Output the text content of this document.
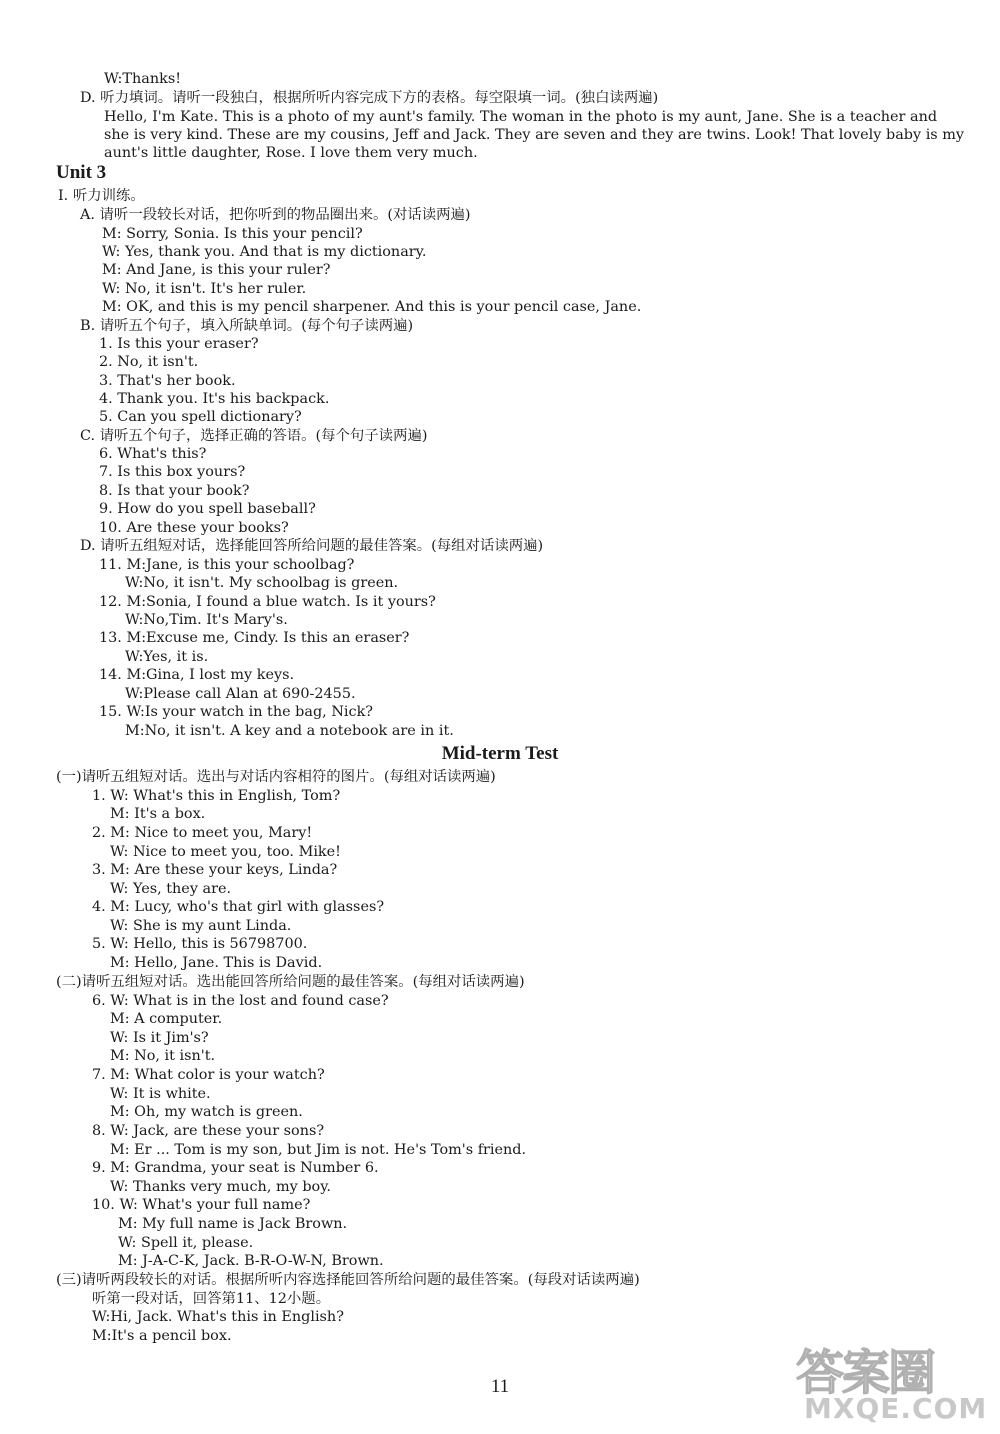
W:Thanks!
D. 听力填词。请听一段独白，根据所听内容完成下方的表格。每空限填一词。(独白读两遍)
Hello, I'm Kate. This is a photo of my aunt's family. The woman in the photo is my aunt, Jane. She is a teacher and
she is very kind. These are my cousins, Jeff and Jack. They are seven and they are twins. Look! That lovely baby is my
aunt's little daughter, Rose. I love them very much.
Unit 3
Ⅰ. 听力训练。
A. 请听一段较长对话，把你听到的物品圈出来。(对话读两遍)
M: Sorry, Sonia. Is this your pencil?
W: Yes, thank you. And that is my dictionary.
M: And Jane, is this your ruler?
W: No, it isn't. It's her ruler.
M: OK, and this is my pencil sharpener. And this is your pencil case, Jane.
B. 请听五个句子，填入所缺单词。(每个句子读两遍)
1. Is this your eraser?
2. No, it isn't.
3. That's her book.
4. Thank you. It's his backpack.
5. Can you spell dictionary?
C. 请听五个句子，选择正确的答语。(每个句子读两遍)
6. What's this?
7. Is this box yours?
8. Is that your book?
9. How do you spell baseball?
10. Are these your books?
D. 请听五组短对话，选择能回答所给问题的最佳答案。(每组对话读两遍)
11. M:Jane, is this your schoolbag?
W:No, it isn't. My schoolbag is green.
12. M:Sonia, I found a blue watch. Is it yours?
W:No,Tim. It's Mary's.
13. M:Excuse me, Cindy. Is this an eraser?
W:Yes, it is.
14. M:Gina, I lost my keys.
W:Please call Alan at 690-2455.
15. W:Is your watch in the bag, Nick?
M:No, it isn't. A key and a notebook are in it.
Mid-term Test
(一)请听五组短对话。选出与对话内容相符的图片。(每组对话读两遍)
1. W: What's this in English, Tom?
M: It's a box.
2. M: Nice to meet you, Mary!
W: Nice to meet you, too. Mike!
3. M: Are these your keys, Linda?
W: Yes, they are.
4. M: Lucy, who's that girl with glasses?
W: She is my aunt Linda.
5. W: Hello, this is 56798700.
M: Hello, Jane. This is David.
(二)请听五组短对话。选出能回答所给问题的最佳答案。(每组对话读两遍)
6. W: What is in the lost and found case?
M: A computer.
W: Is it Jim's?
M: No, it isn't.
7. M: What color is your watch?
W: It is white.
M: Oh, my watch is green.
8. W: Jack, are these your sons?
M: Er ... Tom is my son, but Jim is not. He's Tom's friend.
9. M: Grandma, your seat is Number 6.
W: Thanks very much, my boy.
10. W: What's your full name?
M: My full name is Jack Brown.
W: Spell it, please.
M: J-A-C-K, Jack. B-R-O-W-N, Brown.
(三)请听两段较长的对话。根据所听内容选择能回答所给问题的最佳答案。(每段对话读两遍)
听第一段对话，回答第11、12小题。
W:Hi, Jack. What's this in English?
M:It's a pencil box.
11	答案圈
MXQE.COM
